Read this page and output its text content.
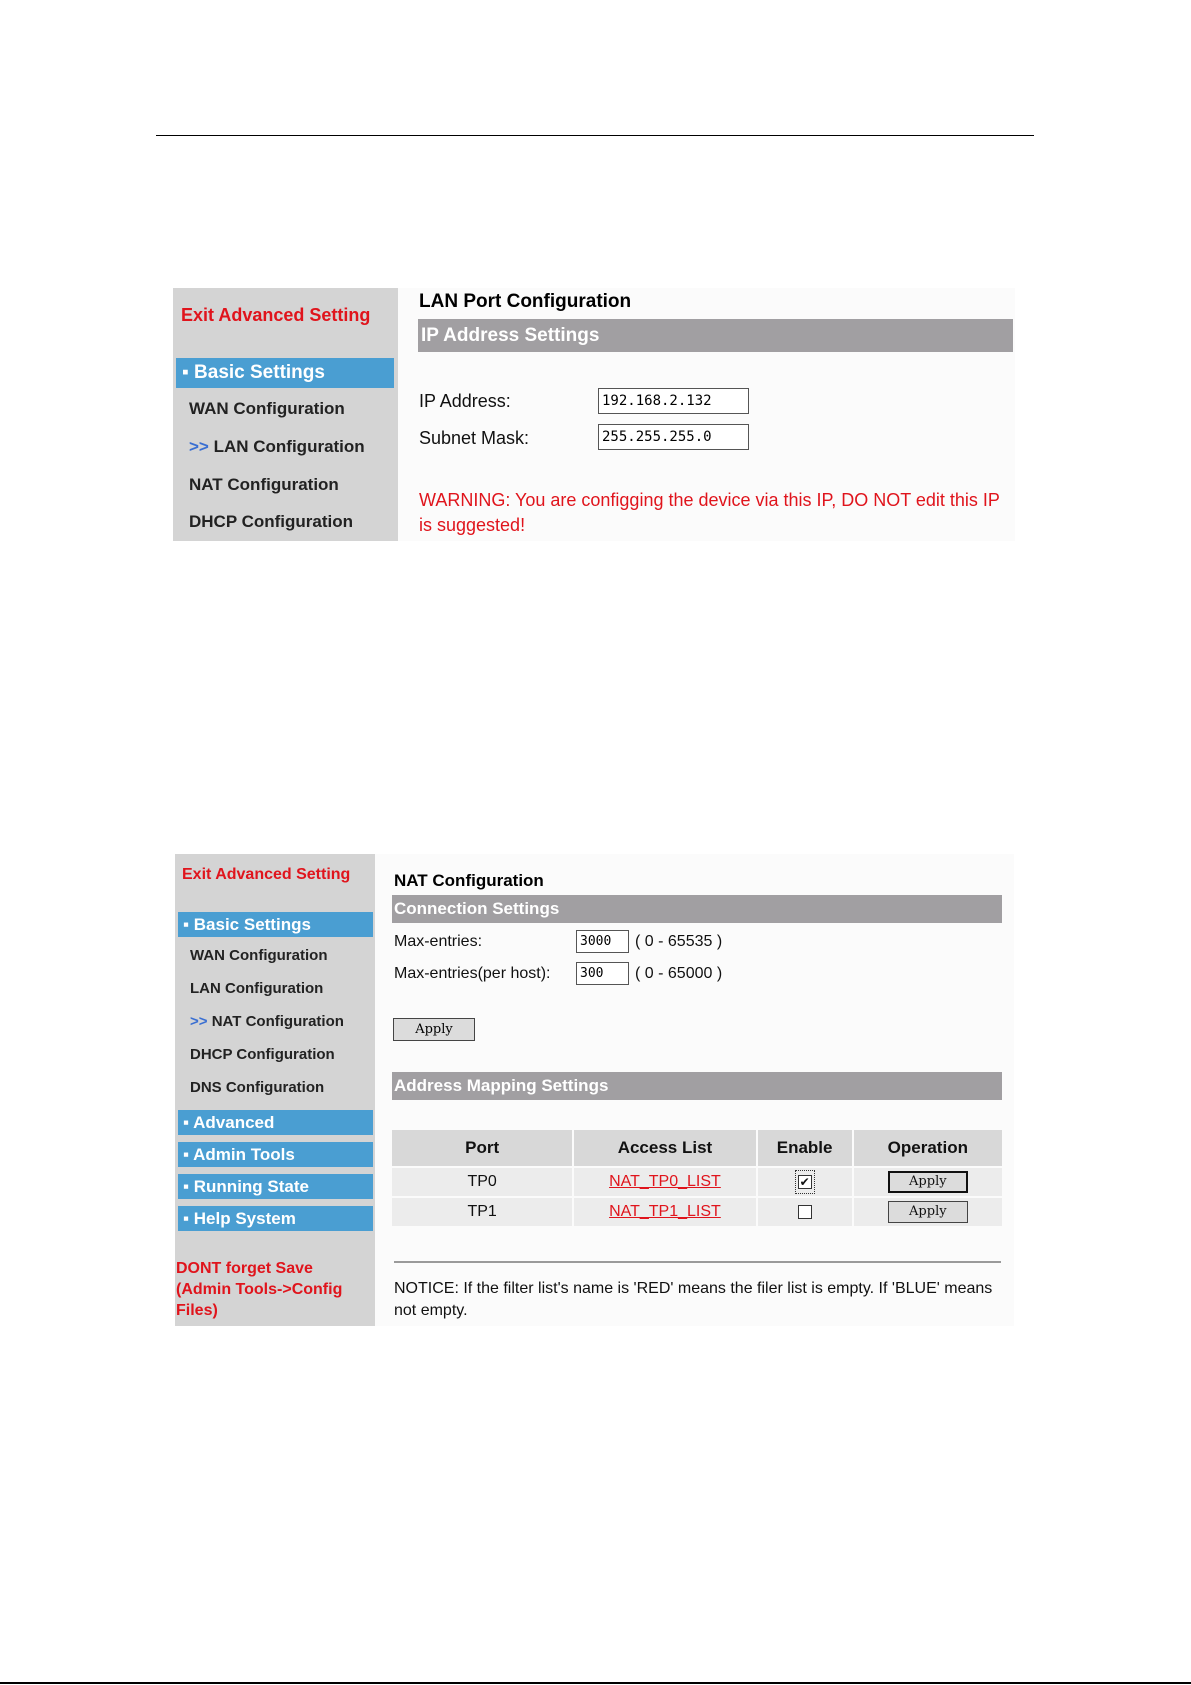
Exit Advanced Setting
▪ Basic Settings
WAN Configuration
>> LAN Configuration
NAT Configuration
DHCP Configuration
LAN Port Configuration
IP Address Settings
IP Address:
192.168.2.132
Subnet Mask:
255.255.255.0
WARNING: You are configging the device via this IP, DO NOT edit this IP is suggested!
Exit Advanced Setting
▪ Basic Settings
WAN Configuration
LAN Configuration
>> NAT Configuration
DHCP Configuration
DNS Configuration
▪ Advanced
▪ Admin Tools
▪ Running State
▪ Help System
DONT forget Save (Admin Tools->Config Files)
NAT Configuration
Connection Settings
Max-entries:
3000	( 0 - 65535 )
Max-entries(per host):
300	( 0 - 65000 )
Apply
Address Mapping Settings
Port	Access List	Enable	Operation
TP0	NAT_TP0_LIST	✔	Apply
TP1	NAT_TP1_LIST		Apply
NOTICE: If the filter list's name is 'RED' means the filer list is empty. If 'BLUE' means not empty.
